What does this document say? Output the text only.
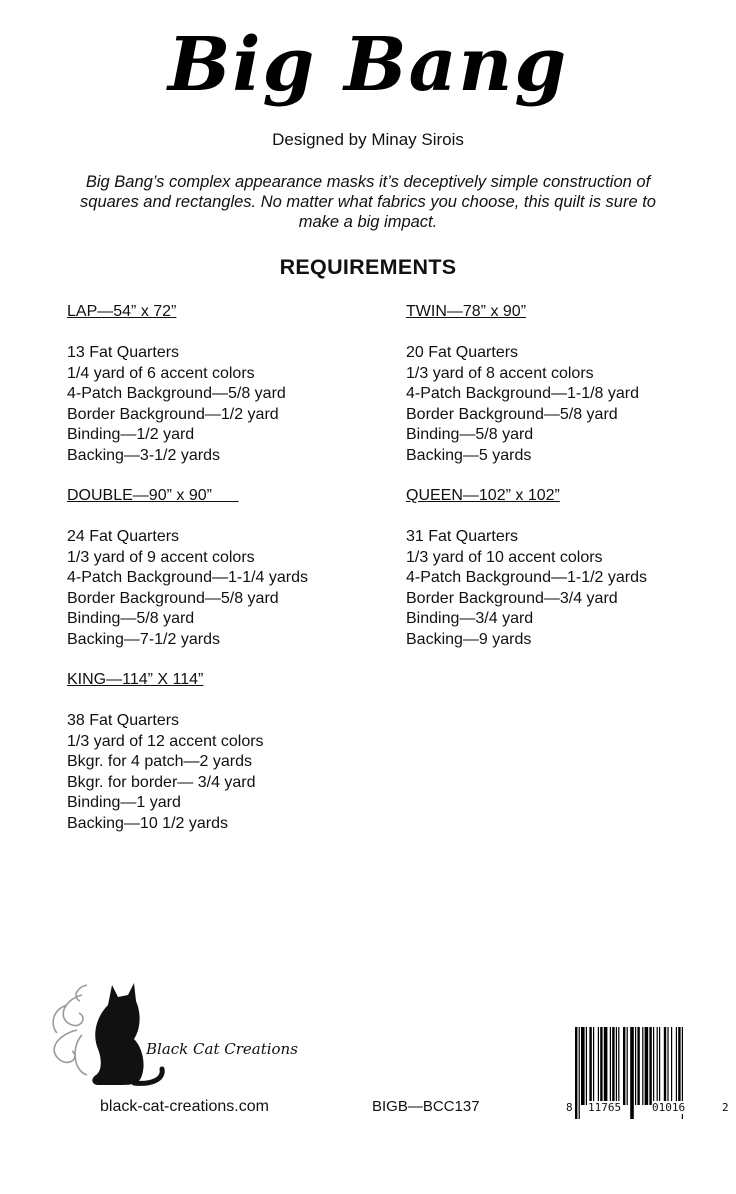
Big Bang
Designed by Minay Sirois
Big Bang’s complex appearance masks it’s deceptively simple construction of squares and rectangles. No matter what fabrics you choose, this quilt is sure to make a big impact.
REQUIREMENTS
LAP—54” x 72”
13 Fat Quarters
1/4 yard of 6 accent colors
4-Patch Background—5/8 yard
Border Background—1/2 yard
Binding—1/2 yard
Backing—3-1/2 yards
DOUBLE—90” x 90”
24 Fat Quarters
1/3 yard of 9 accent colors
4-Patch Background—1-1/4 yards
Border Background—5/8 yard
Binding—5/8 yard
Backing—7-1/2 yards
KING—114” X 114”
38 Fat Quarters
1/3 yard of 12 accent colors
Bkgr. for 4 patch—2 yards
Bkgr. for border— 3/4 yard
Binding—1 yard
Backing—10 1/2 yards
TWIN—78” x 90”
20 Fat Quarters
1/3 yard of 8 accent colors
4-Patch Background—1-1/8 yard
Border Background—5/8 yard
Binding—5/8 yard
Backing—5 yards
QUEEN—102” x 102”
31 Fat Quarters
1/3 yard of 10 accent colors
4-Patch Background—1-1/2 yards
Border Background—3/4 yard
Binding—3/4 yard
Backing—9 yards
Black Cat Creations
black-cat-creations.com	BIGB—BCC137	8 11765	01016	2
